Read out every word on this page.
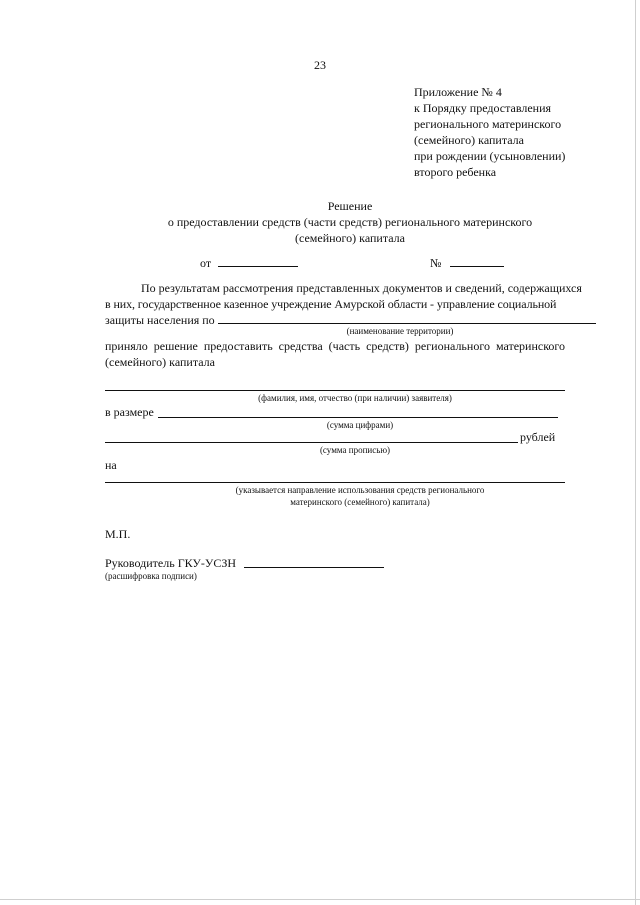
23
Приложение № 4
к Порядку предоставления
регионального материнского
(семейного) капитала
при рождении (усыновлении)
второго ребенка
Решение
о предоставлении средств (части средств) регионального материнского
(семейного) капитала
от	№
По результатам рассмотрения представленных документов и сведений, содержащихся
в них, государственное казенное учреждение Амурской области - управление социальной
защиты населения по
(наименование территории)
приняло решение предоставить средства (часть средств) регионального материнского
(семейного) капитала
(фамилия, имя, отчество (при наличии) заявителя)
в размере
(сумма цифрами)
рублей
(сумма прописью)
на
(указывается направление использования средств регионального
материнского (семейного) капитала)
М.П.
Руководитель ГКУ-УСЗН
(расшифровка подписи)
